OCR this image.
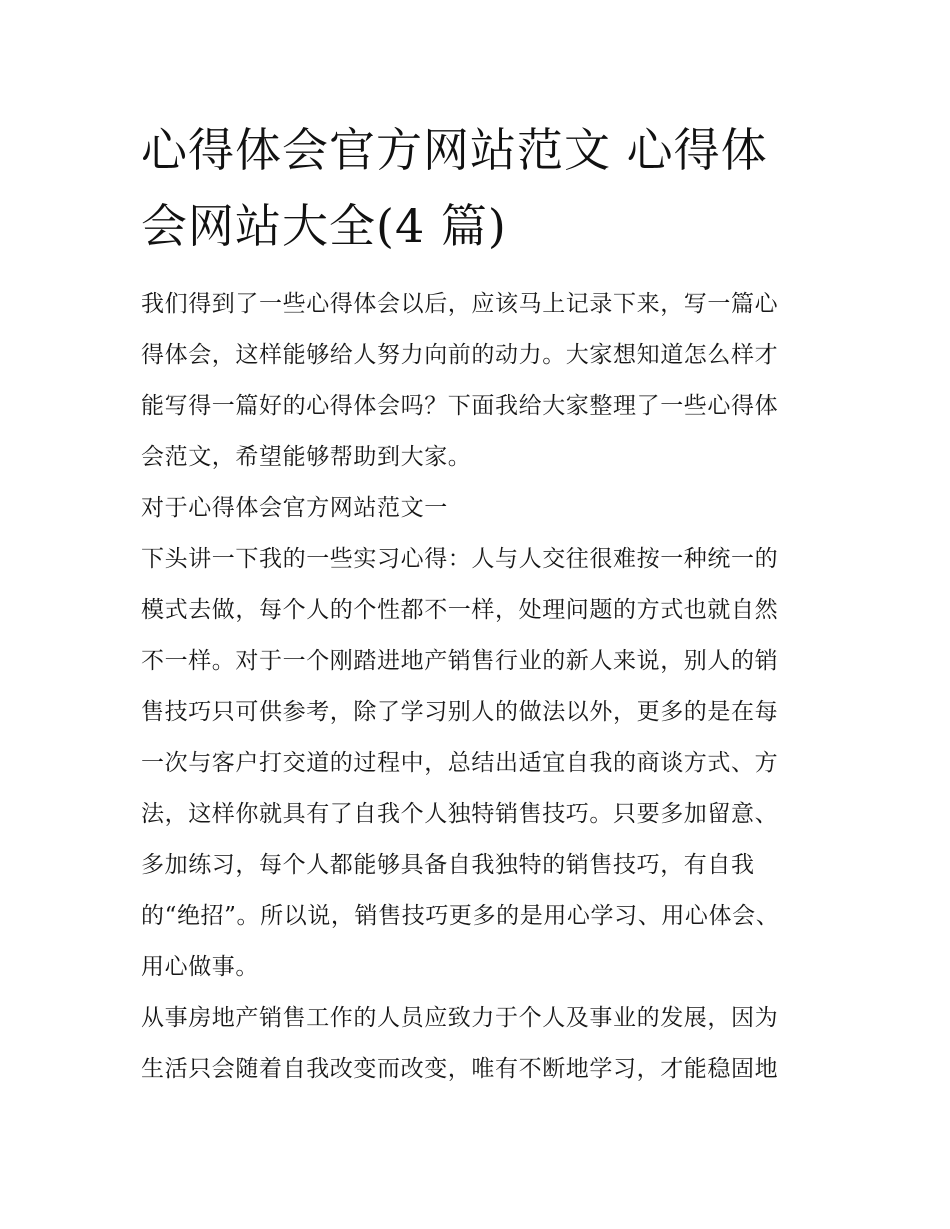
心得体会官方网站范文 心得体
会网站大全(4 篇)
我们得到了一些心得体会以后，应该马上记录下来，写一篇心
得体会，这样能够给人努力向前的动力。大家想知道怎么样才
能写得一篇好的心得体会吗？下面我给大家整理了一些心得体
会范文，希望能够帮助到大家。
对于心得体会官方网站范文一
下头讲一下我的一些实习心得：人与人交往很难按一种统一的
模式去做，每个人的个性都不一样，处理问题的方式也就自然
不一样。对于一个刚踏进地产销售行业的新人来说，别人的销
售技巧只可供参考，除了学习别人的做法以外，更多的是在每
一次与客户打交道的过程中，总结出适宜自我的商谈方式、方
法，这样你就具有了自我个人独特销售技巧。只要多加留意、
多加练习，每个人都能够具备自我独特的销售技巧，有自我
的“绝招”。所以说，销售技巧更多的是用心学习、用心体会、
用心做事。
从事房地产销售工作的人员应致力于个人及事业的发展，因为
生活只会随着自我改变而改变，唯有不断地学习，才能稳固地
